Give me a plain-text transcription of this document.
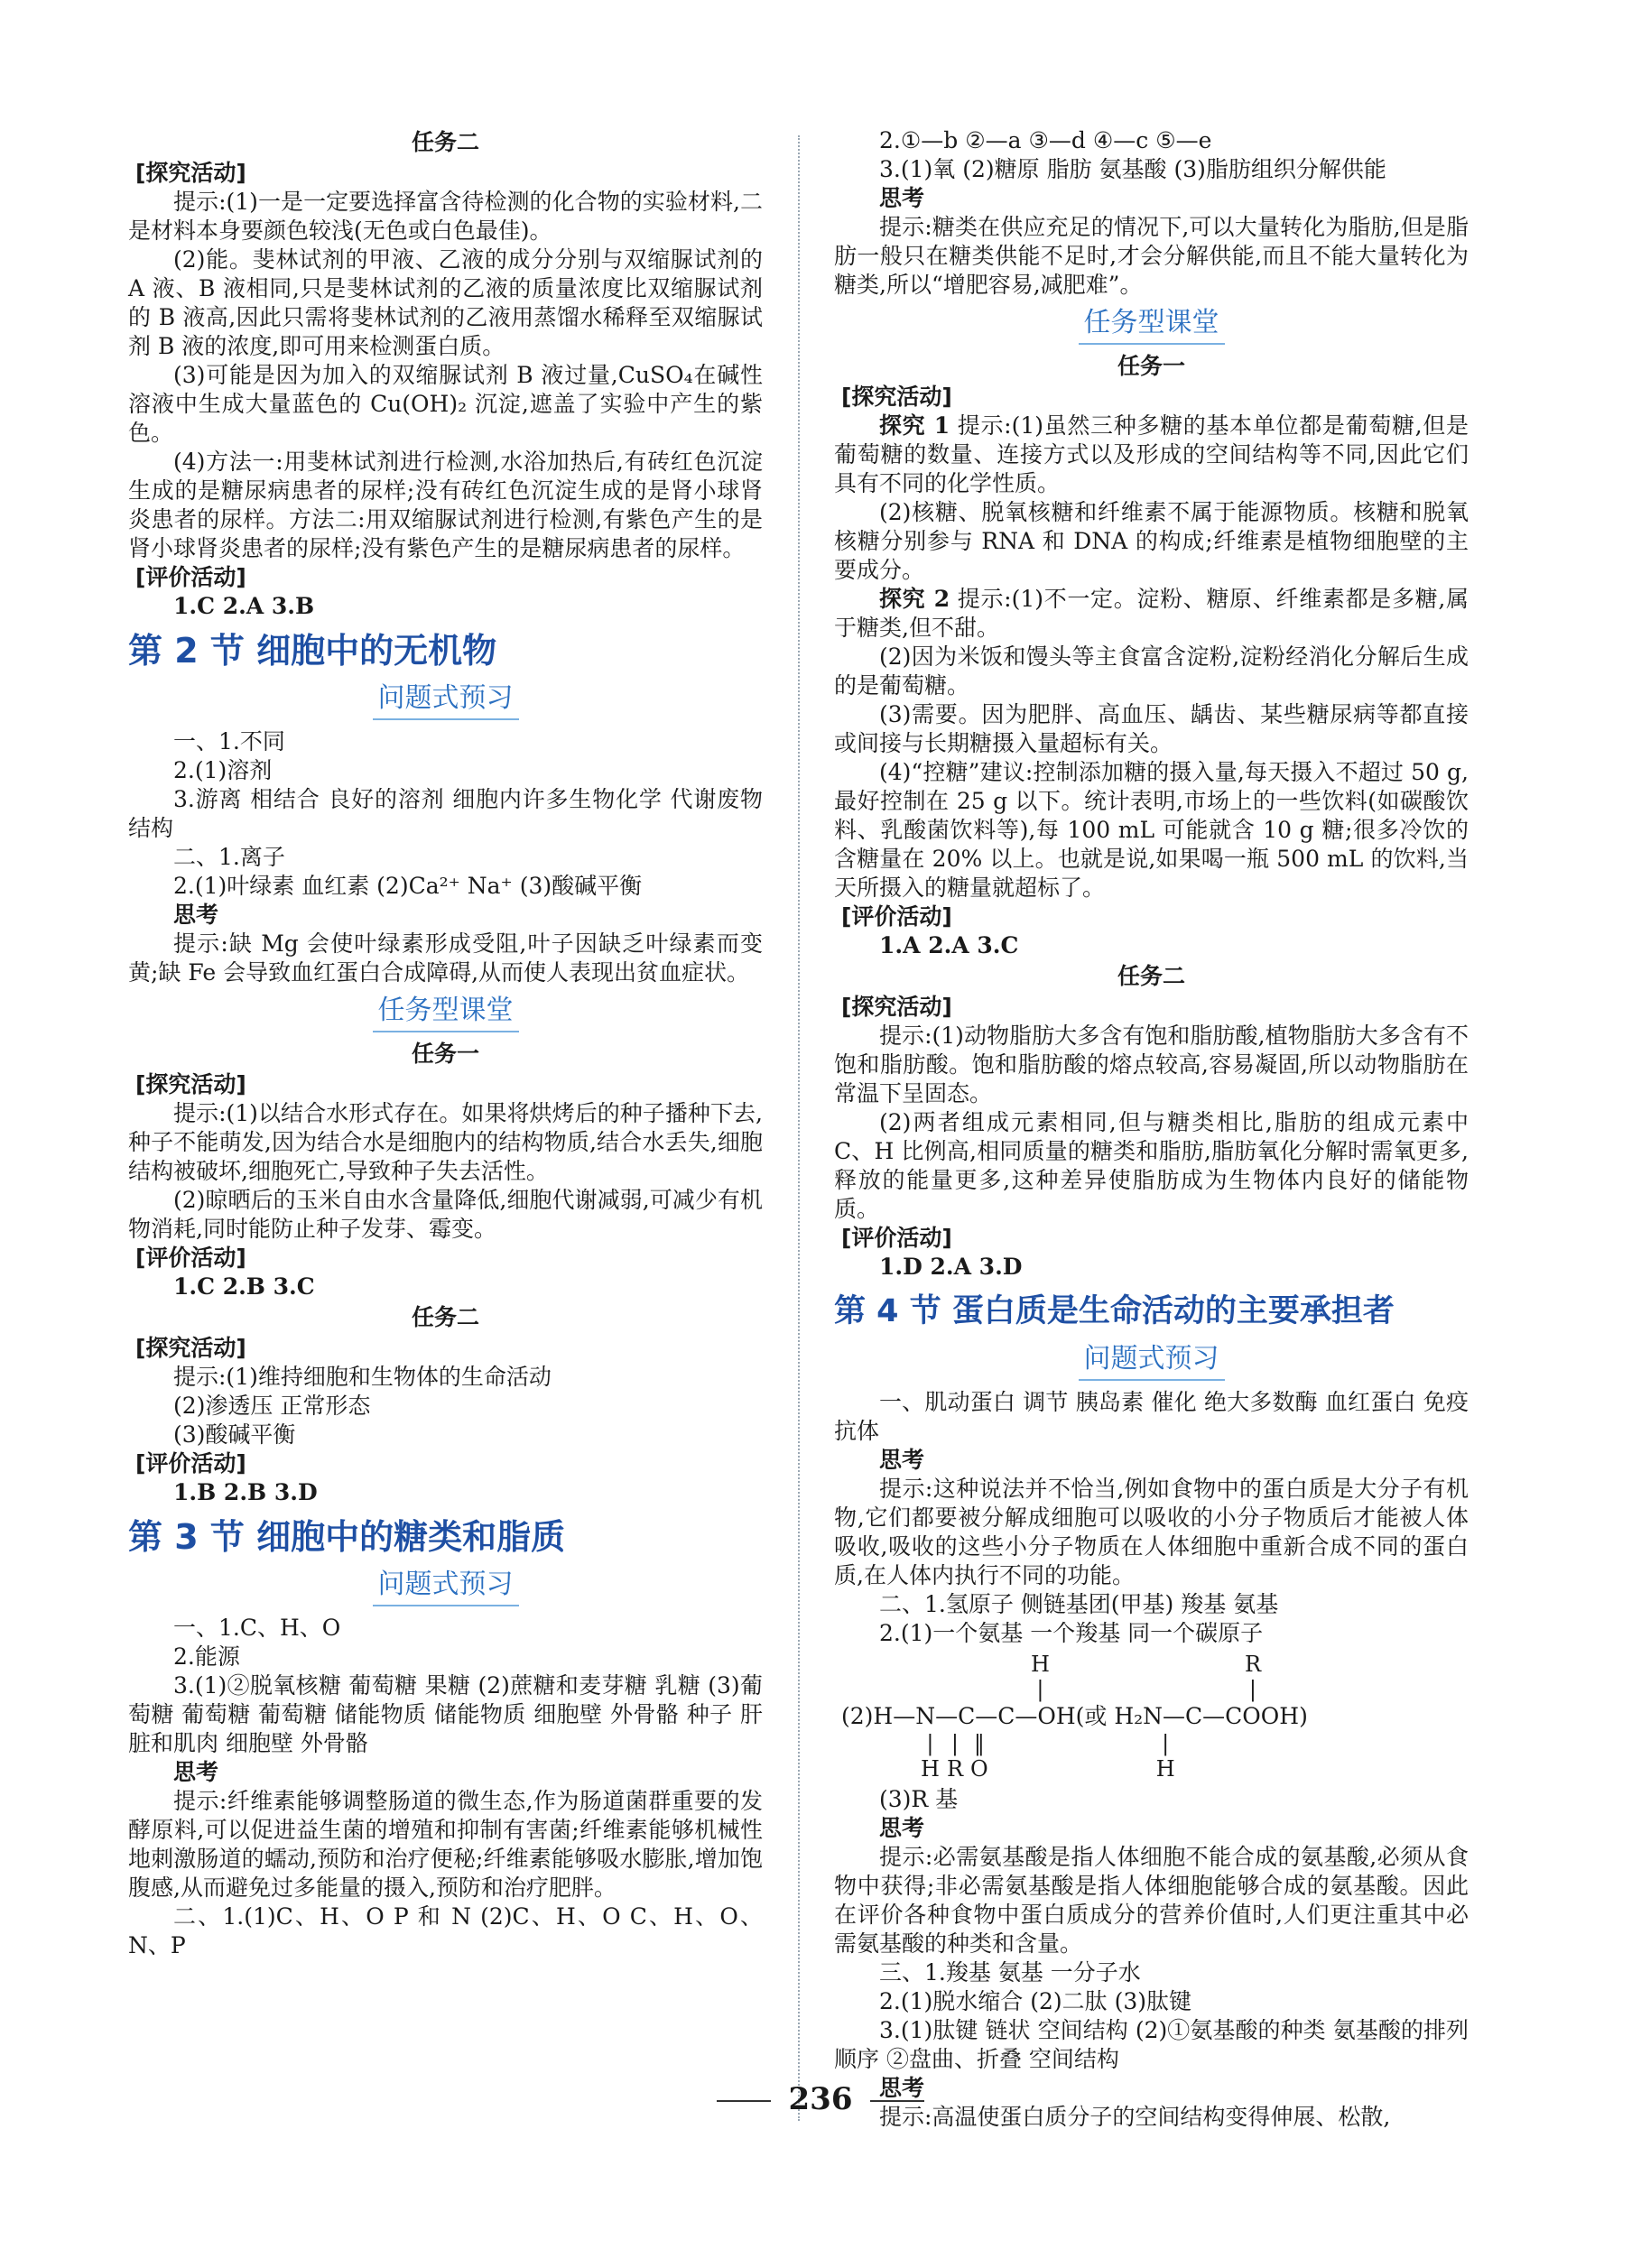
任务二

[探究活动]

提示:(1)一是一定要选择富含待检测的化合物的实验材料,二是材料本身要颜色较浅(无色或白色最佳)。

(2)能。斐林试剂的甲液、乙液的成分分别与双缩脲试剂的 A 液、B 液相同,只是斐林试剂的乙液的质量浓度比双缩脲试剂的 B 液高,因此只需将斐林试剂的乙液用蒸馏水稀释至双缩脲试剂 B 液的浓度,即可用来检测蛋白质。

(3)可能是因为加入的双缩脲试剂 B 液过量,CuSO₄在碱性溶液中生成大量蓝色的 Cu(OH)₂ 沉淀,遮盖了实验中产生的紫色。

(4)方法一:用斐林试剂进行检测,水浴加热后,有砖红色沉淀生成的是糖尿病患者的尿样;没有砖红色沉淀生成的是肾小球肾炎患者的尿样。方法二:用双缩脲试剂进行检测,有紫色产生的是肾小球肾炎患者的尿样;没有紫色产生的是糖尿病患者的尿样。

[评价活动]

1.C 2.A 3.B

第 2 节 细胞中的无机物
问题式预习

一、1.不同

2.(1)溶剂

3.游离 相结合 良好的溶剂 细胞内许多生物化学 代谢废物 结构

二、1.离子

2.(1)叶绿素 血红素 (2)Ca²⁺ Na⁺ (3)酸碱平衡

思考

提示:缺 Mg 会使叶绿素形成受阻,叶子因缺乏叶绿素而变黄;缺 Fe 会导致血红蛋白合成障碍,从而使人表现出贫血症状。

任务型课堂

任务一

[探究活动]

提示:(1)以结合水形式存在。如果将烘烤后的种子播种下去,种子不能萌发,因为结合水是细胞内的结构物质,结合水丢失,细胞结构被破坏,细胞死亡,导致种子失去活性。

(2)晾晒后的玉米自由水含量降低,细胞代谢减弱,可减少有机物消耗,同时能防止种子发芽、霉变。

[评价活动]

1.C 2.B 3.C

任务二

[探究活动]

提示:(1)维持细胞和生物体的生命活动

(2)渗透压 正常形态

(3)酸碱平衡

[评价活动]

1.B 2.B 3.D

第 3 节 细胞中的糖类和脂质
问题式预习

一、1.C、H、O

2.能源

3.(1)②脱氧核糖 葡萄糖 果糖 (2)蔗糖和麦芽糖 乳糖 (3)葡萄糖 葡萄糖 葡萄糖 储能物质 储能物质 细胞壁 外骨骼 种子 肝脏和肌肉 细胞壁 外骨骼

思考

提示:纤维素能够调整肠道的微生态,作为肠道菌群重要的发酵原料,可以促进益生菌的增殖和抑制有害菌;纤维素能够机械性地刺激肠道的蠕动,预防和治疗便秘;纤维素能够吸水膨胀,增加饱腹感,从而避免过多能量的摄入,预防和治疗肥胖。

二、1.(1)C、H、O P 和 N (2)C、H、O C、H、O、N、P

2.①—b ②—a ③—d ④—c ⑤—e

3.(1)氧 (2)糖原 脂肪 氨基酸 (3)脂肪组织分解供能

思考

提示:糖类在供应充足的情况下,可以大量转化为脂肪,但是脂肪一般只在糖类供能不足时,才会分解供能,而且不能大量转化为糖类,所以“增肥容易,减肥难”。

任务型课堂

任务一

[探究活动]

探究 1 提示:(1)虽然三种多糖的基本单位都是葡萄糖,但是葡萄糖的数量、连接方式以及形成的空间结构等不同,因此它们具有不同的化学性质。

(2)核糖、脱氧核糖和纤维素不属于能源物质。核糖和脱氧核糖分别参与 RNA 和 DNA 的构成;纤维素是植物细胞壁的主要成分。

探究 2 提示:(1)不一定。淀粉、糖原、纤维素都是多糖,属于糖类,但不甜。

(2)因为米饭和馒头等主食富含淀粉,淀粉经消化分解后生成的是葡萄糖。

(3)需要。因为肥胖、高血压、龋齿、某些糖尿病等都直接或间接与长期糖摄入量超标有关。

(4)“控糖”建议:控制添加糖的摄入量,每天摄入不超过 50 g,最好控制在 25 g 以下。统计表明,市场上的一些饮料(如碳酸饮料、乳酸菌饮料等),每 100 mL 可能就含 10 g 糖;很多冷饮的含糖量在 20% 以上。也就是说,如果喝一瓶 500 mL 的饮料,当天所摄入的糖量就超标了。

[评价活动]

1.A 2.A 3.C

任务二

[探究活动]

提示:(1)动物脂肪大多含有饱和脂肪酸,植物脂肪大多含有不饱和脂肪酸。饱和脂肪酸的熔点较高,容易凝固,所以动物脂肪在常温下呈固态。

(2)两者组成元素相同,但与糖类相比,脂肪的组成元素中 C、H 比例高,相同质量的糖类和脂肪,脂肪氧化分解时需氧更多,释放的能量更多,这种差异使脂肪成为生物体内良好的储能物质。

[评价活动]

1.D 2.A 3.D

第 4 节 蛋白质是生命活动的主要承担者
问题式预习

一、肌动蛋白 调节 胰岛素 催化 绝大多数酶 血红蛋白 免疫 抗体

思考

提示:这种说法并不恰当,例如食物中的蛋白质是大分子有机物,它们都要被分解成细胞可以吸收的小分子物质后才能被人体吸收,吸收的这些小分子物质在人体细胞中重新合成不同的蛋白质,在人体内执行不同的功能。

二、1.氢原子 侧链基团(甲基) 羧基 氨基

2.(1)一个氨基 一个羧基 同一个碳原子

	H		R
	|		|

(2)H—N—C—C—OH(或 H₂N—C—COOH)

	|	|	‖		|
	H	R	O		H

(3)R 基

思考

提示:必需氨基酸是指人体细胞不能合成的氨基酸,必须从食物中获得;非必需氨基酸是指人体细胞能够合成的氨基酸。因此在评价各种食物中蛋白质成分的营养价值时,人们更注重其中必需氨基酸的种类和含量。

三、1.羧基 氨基 一分子水

2.(1)脱水缩合 (2)二肽 (3)肽键

3.(1)肽键 链状 空间结构 (2)①氨基酸的种类 氨基酸的排列顺序 ②盘曲、折叠 空间结构

思考

提示:高温使蛋白质分子的空间结构变得伸展、松散,

236
